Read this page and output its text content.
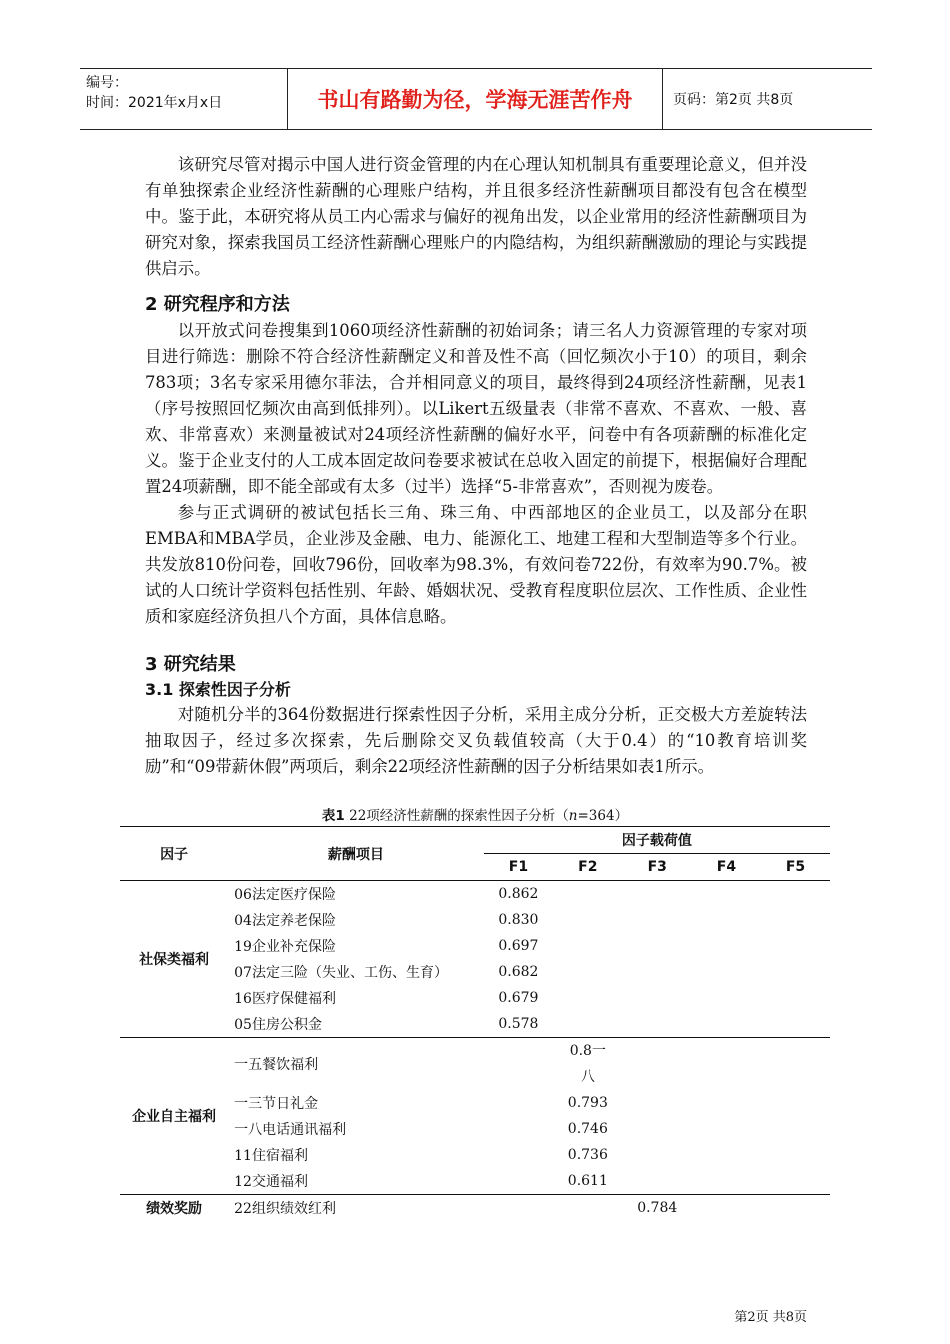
编号：
时间：2021年x月x日	书山有路勤为径，学海无涯苦作舟	页码：第2页 共8页

该研究尽管对揭示中国人进行资金管理的内在心理认知机制具有重要理论意义，但并没有单独探索企业经济性薪酬的心理账户结构，并且很多经济性薪酬项目都没有包含在模型中。鉴于此，本研究将从员工内心需求与偏好的视角出发，以企业常用的经济性薪酬项目为研究对象，探索我国员工经济性薪酬心理账户的内隐结构，为组织薪酬激励的理论与实践提供启示。

2 研究程序和方法

以开放式问卷搜集到1060项经济性薪酬的初始词条；请三名人力资源管理的专家对项目进行筛选：删除不符合经济性薪酬定义和普及性不高（回忆频次小于10）的项目，剩余783项；3名专家采用德尔菲法，合并相同意义的项目，最终得到24项经济性薪酬，见表1（序号按照回忆频次由高到低排列）。以Likert五级量表（非常不喜欢、不喜欢、一般、喜欢、非常喜欢）来测量被试对24项经济性薪酬的偏好水平，问卷中有各项薪酬的标准化定义。鉴于企业支付的人工成本固定故问卷要求被试在总收入固定的前提下，根据偏好合理配置24项薪酬，即不能全部或有太多（过半）选择“5-非常喜欢”，否则视为废卷。

参与正式调研的被试包括长三角、珠三角、中西部地区的企业员工，以及部分在职EMBA和MBA学员，企业涉及金融、电力、能源化工、地建工程和大型制造等多个行业。共发放810份问卷，回收796份，回收率为98.3%，有效问卷722份，有效率为90.7%。被试的人口统计学资料包括性别、年龄、婚姻状况、受教育程度职位层次、工作性质、企业性质和家庭经济负担八个方面，具体信息略。

3 研究结果
3.1 探索性因子分析

对随机分半的364份数据进行探索性因子分析，采用主成分分析，正交极大方差旋转法抽取因子，经过多次探索，先后删除交叉负载值较高（大于0.4）的“10教育培训奖励”和“09带薪休假”两项后，剩余22项经济性薪酬的因子分析结果如表1所示。

表1 22项经济性薪酬的探索性因子分析（n=364）
因子	薪酬项目	因子载荷值				
		F1	F2	F3	F4	F5
社保类福利	06法定医疗保险	0.862				
	04法定养老保险	0.830				
	19企业补充保险	0.697				
	07法定三险（失业、工伤、生育）	0.682				
	16医疗保健福利	0.679				
	05住房公积金	0.578				
企业自主福利	一五餐饮福利		0.8一
八			

	一三节日礼金		0.793			
	一八电话通讯福利		0.746			
	11住宿福利		0.736			
	12交通福利		0.611			
绩效奖励	22组织绩效红利			0.784		
第2页 共8页
